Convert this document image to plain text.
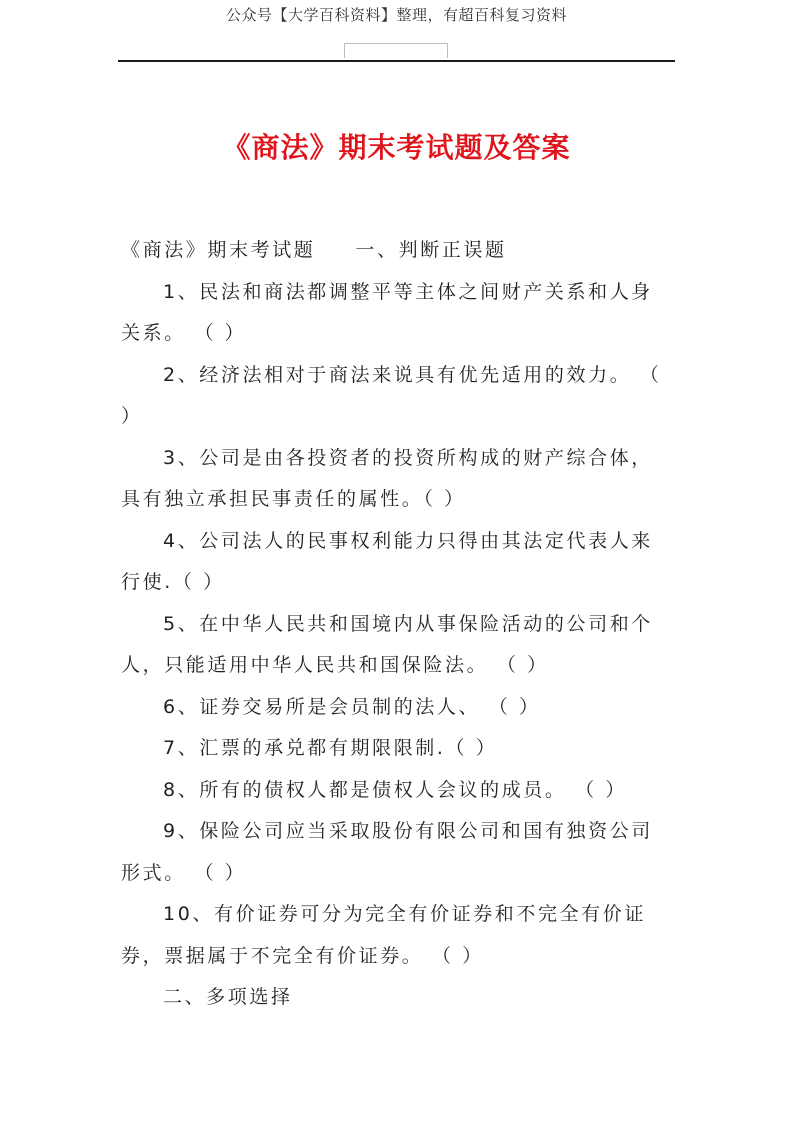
公众号【大学百科资料】整理，有超百科复习资料
《商法》期末考试题及答案

《商法》期末考试题 一、判断正误题

1、民法和商法都调整平等主体之间财产关系和人身关系。 （ ）

2、经济法相对于商法来说具有优先适用的效力。 （ ）

3、公司是由各投资者的投资所构成的财产综合体，具有独立承担民事责任的属性。（ ）

4、公司法人的民事权利能力只得由其法定代表人来行使.（ ）

5、在中华人民共和国境内从事保险活动的公司和个人，只能适用中华人民共和国保险法。 （ ）

6、证券交易所是会员制的法人、 （ ）

7、汇票的承兑都有期限限制.（ ）

8、所有的债权人都是债权人会议的成员。 （ ）

9、保险公司应当采取股份有限公司和国有独资公司形式。 （ ）

10、有价证券可分为完全有价证券和不完全有价证券，票据属于不完全有价证券。 （ ）

二、多项选择
